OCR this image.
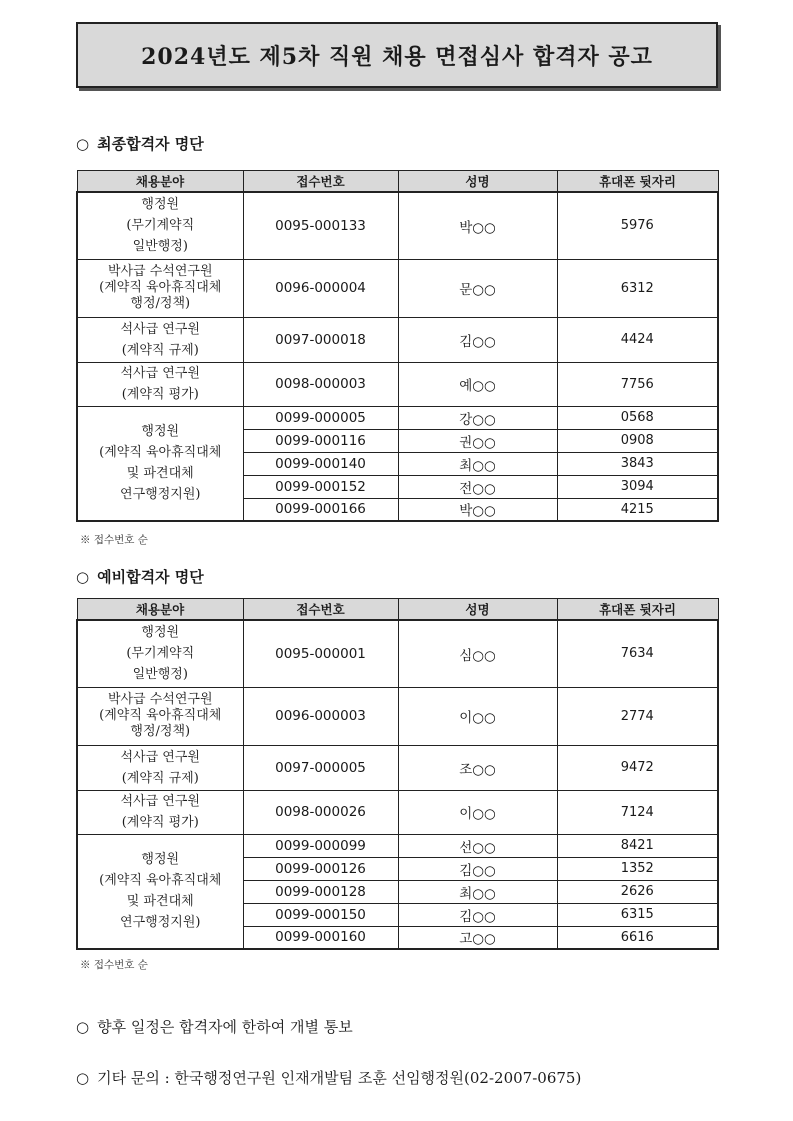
2024년도 제5차 직원 채용 면접심사 합격자 공고
○ 최종합격자 명단
채용분야	접수번호	성명	휴대폰 뒷자리

행정원
(무기계약직
일반행정)	0095-000133	박○○	5976

박사급 수석연구원
(계약직 육아휴직대체
행정/정책)	0096-000004	문○○	6312

석사급 연구원
(계약직 규제)	0097-000018	김○○	4424

석사급 연구원
(계약직 평가)	0098-000003	예○○	7756

행정원
(계약직 육아휴직대체
및 파견대체
연구행정지원)	0099-000005	강○○	0568
	0099-000116	권○○	0908
	0099-000140	최○○	3843
	0099-000152	전○○	3094
	0099-000166	박○○	4215
※ 접수번호 순
○ 예비합격자 명단
채용분야	접수번호	성명	휴대폰 뒷자리

행정원
(무기계약직
일반행정)	0095-000001	심○○	7634

박사급 수석연구원
(계약직 육아휴직대체
행정/정책)	0096-000003	이○○	2774

석사급 연구원
(계약직 규제)	0097-000005	조○○	9472

석사급 연구원
(계약직 평가)	0098-000026	이○○	7124

행정원
(계약직 육아휴직대체
및 파견대체
연구행정지원)	0099-000099	선○○	8421
	0099-000126	김○○	1352
	0099-000128	최○○	2626
	0099-000150	김○○	6315
	0099-000160	고○○	6616
※ 접수번호 순
○ 향후 일정은 합격자에 한하여 개별 통보
○ 기타 문의 : 한국행정연구원 인재개발팀 조훈 선임행정원(02-2007-0675)
